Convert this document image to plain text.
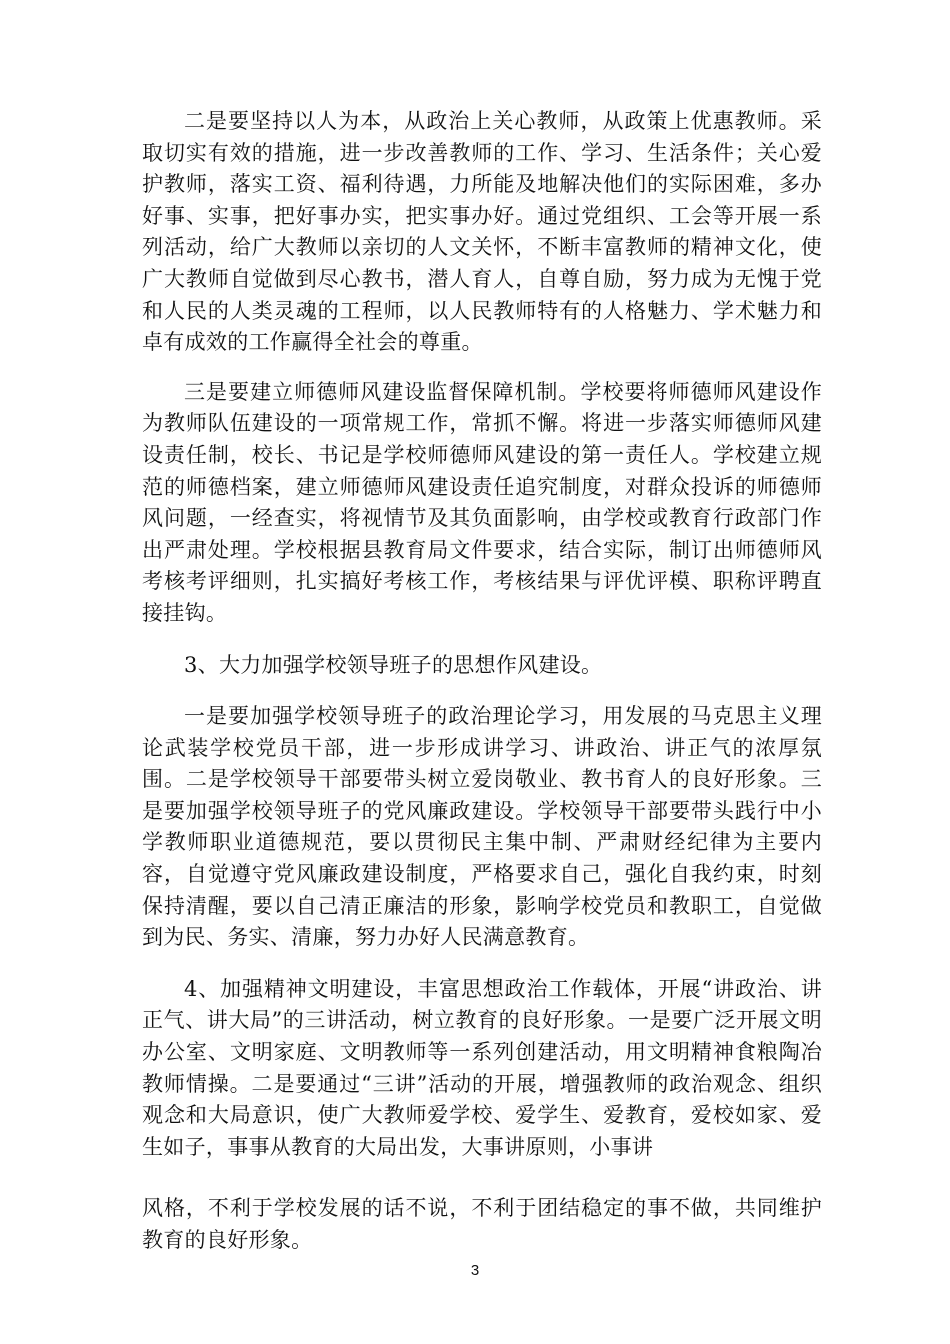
二是要坚持以人为本，从政治上关心教师，从政策上优惠教师。采取切实有效的措施，进一步改善教师的工作、学习、生活条件；关心爱护教师，落实工资、福利待遇，力所能及地解决他们的实际困难，多办好事、实事，把好事办实，把实事办好。通过党组织、工会等开展一系列活动，给广大教师以亲切的人文关怀，不断丰富教师的精神文化，使广大教师自觉做到尽心教书，潜人育人，自尊自励，努力成为无愧于党和人民的人类灵魂的工程师，以人民教师特有的人格魅力、学术魅力和卓有成效的工作赢得全社会的尊重。

三是要建立师德师风建设监督保障机制。学校要将师德师风建设作为教师队伍建设的一项常规工作，常抓不懈。将进一步落实师德师风建设责任制，校长、书记是学校师德师风建设的第一责任人。学校建立规范的师德档案，建立师德师风建设责任追究制度，对群众投诉的师德师风问题，一经查实，将视情节及其负面影响，由学校或教育行政部门作出严肃处理。学校根据县教育局文件要求，结合实际，制订出师德师风考核考评细则，扎实搞好考核工作，考核结果与评优评模、职称评聘直接挂钩。

3、大力加强学校领导班子的思想作风建设。

一是要加强学校领导班子的政治理论学习，用发展的马克思主义理论武装学校党员干部，进一步形成讲学习、讲政治、讲正气的浓厚氛围。二是学校领导干部要带头树立爱岗敬业、教书育人的良好形象。三是要加强学校领导班子的党风廉政建设。学校领导干部要带头践行中小学教师职业道德规范，要以贯彻民主集中制、严肃财经纪律为主要内容，自觉遵守党风廉政建设制度，严格要求自己，强化自我约束，时刻保持清醒，要以自己清正廉洁的形象，影响学校党员和教职工，自觉做到为民、务实、清廉，努力办好人民满意教育。

4、加强精神文明建设，丰富思想政治工作载体，开展“讲政治、讲正气、讲大局”的三讲活动，树立教育的良好形象。一是要广泛开展文明办公室、文明家庭、文明教师等一系列创建活动，用文明精神食粮陶冶教师情操。二是要通过“三讲”活动的开展，增强教师的政治观念、组织观念和大局意识，使广大教师爱学校、爱学生、爱教育，爱校如家、爱生如子，事事从教育的大局出发，大事讲原则，小事讲

风格，不利于学校发展的话不说，不利于团结稳定的事不做，共同维护教育的良好形象。

3
